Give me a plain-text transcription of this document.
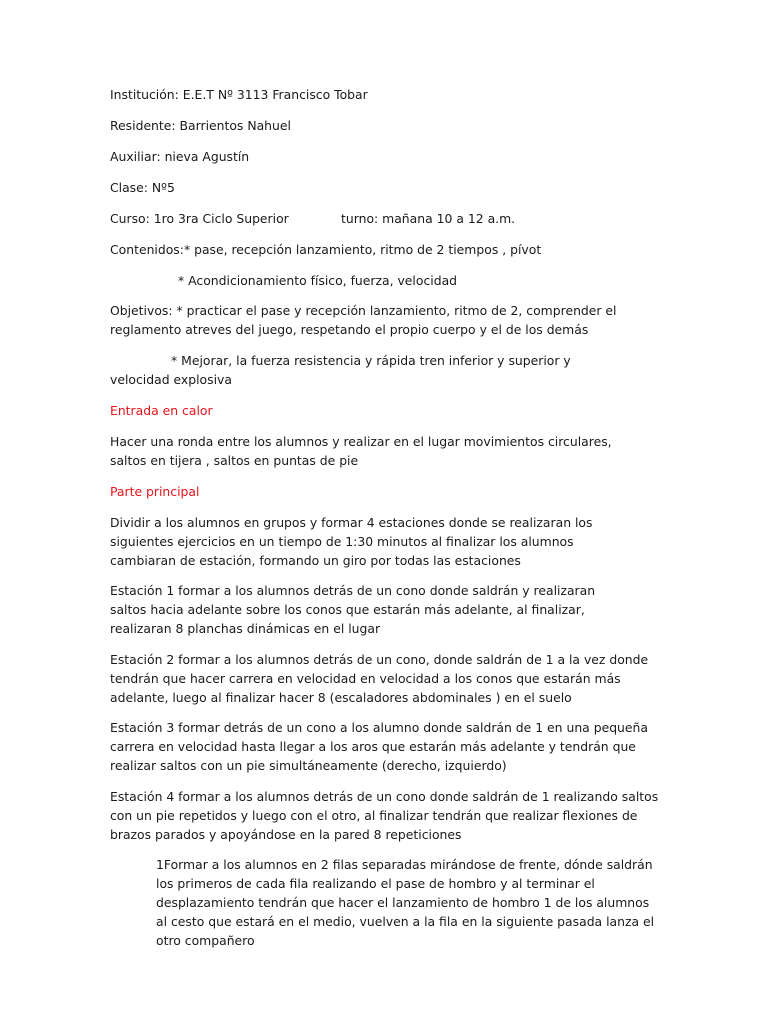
Institución: E.E.T Nº 3113 Francisco Tobar

Residente: Barrientos Nahuel

Auxiliar: nieva Agustín

Clase: Nº5

Curso: 1ro 3ra Ciclo Superior	turno: mañana 10 a 12 a.m.

Contenidos:* pase, recepción lanzamiento, ritmo de 2 tiempos , pívot

* Acondicionamiento físico, fuerza, velocidad

Objetivos: * practicar el pase y recepción lanzamiento, ritmo de 2, comprender el reglamento atreves del juego, respetando el propio cuerpo y el de los demás

* Mejorar, la fuerza resistencia y rápida tren inferior y superior y velocidad explosiva

Entrada en calor

Hacer una ronda entre los alumnos y realizar en el lugar movimientos circulares, saltos en tijera , saltos en puntas de pie

Parte principal

Dividir a los alumnos en grupos y formar 4 estaciones donde se realizaran los siguientes ejercicios en un tiempo de 1:30 minutos al finalizar los alumnos cambiaran de estación, formando un giro por todas las estaciones

Estación 1 formar a los alumnos detrás de un cono donde saldrán y realizaran saltos hacia adelante sobre los conos que estarán más adelante, al finalizar, realizaran 8 planchas dinámicas en el lugar

Estación 2 formar a los alumnos detrás de un cono, donde saldrán de 1 a la vez donde tendrán que hacer carrera en velocidad en velocidad a los conos que estarán más adelante, luego al finalizar hacer 8 (escaladores abdominales ) en el suelo

Estación 3 formar detrás de un cono a los alumno donde saldrán de 1 en una pequeña carrera en velocidad hasta llegar a los aros que estarán más adelante y tendrán que realizar saltos con un pie simultáneamente (derecho, izquierdo)

Estación 4 formar a los alumnos detrás de un cono donde saldrán de 1 realizando saltos con un pie repetidos y luego con el otro, al finalizar tendrán que realizar flexiones de brazos parados y apoyándose en la pared 8 repeticiones

1Formar a los alumnos en 2 filas separadas mirándose de frente, dónde saldrán los primeros de cada fila realizando el pase de hombro y al terminar el desplazamiento tendrán que hacer el lanzamiento de hombro 1 de los alumnos al cesto que estará en el medio, vuelven a la fila en la siguiente pasada lanza el otro compañero
